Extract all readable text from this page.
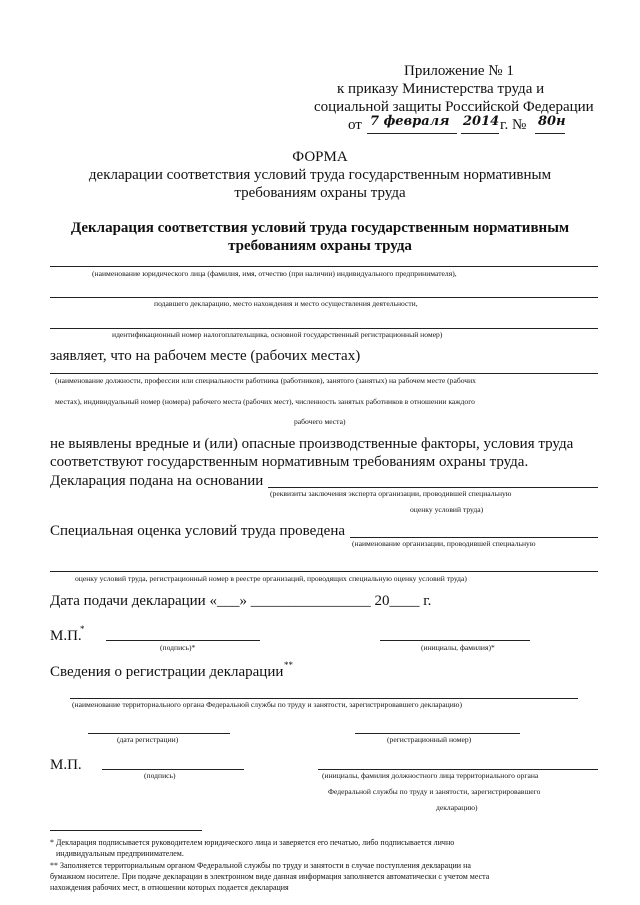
Приложение № 1
к приказу Министерства труда и
социальной защиты Российской Федерации
от 7 февраля 2014 г. № 80н
ФОРМА
декларации соответствия условий труда государственным нормативным
требованиям охраны труда
Декларация соответствия условий труда государственным нормативным
требованиям охраны труда
(наименование юридического лица (фамилия, имя, отчество (при наличии) индивидуального предпринимателя),
подавшего декларацию, место нахождения и место осуществления деятельности,
идентификационный номер налогоплательщика, основной государственный регистрационный номер)
заявляет, что на рабочем месте (рабочих местах)
(наименование должности, профессии или специальности работника (работников), занятого (занятых) на рабочем месте (рабочих
местах), индивидуальный номер (номера) рабочего места (рабочих мест), численность занятых работников в отношении каждого
рабочего места)
не выявлены вредные и (или) опасные производственные факторы, условия труда
соответствуют государственным нормативным требованиям охраны труда.
Декларация подана на основании
(реквизиты заключения эксперта организации, проводившей специальную
оценку условий труда)
Специальная оценка условий труда проведена
(наименование организации, проводившей специальную
оценку условий труда, регистрационный номер в реестре организаций, проводящих специальную оценку условий труда)
Дата подачи декларации «___» ________________ 20____ г.
М.П.
*
(подпись)*	(инициалы, фамилия)*
Сведения о регистрации декларации **
(наименование территориального органа Федеральной службы по труду и занятости, зарегистрировавшего декларацию)
(дата регистрации)	(регистрационный номер)
М.П.
(подпись)	(инициалы, фамилия должностного лица территориального органа
Федеральной службы по труду и занятости, зарегистрировавшего
декларацию)
* Декларация подписывается руководителем юридического лица и заверяется его печатью, либо подписывается лично
индивидуальным предпринимателем.
** Заполняется территориальным органом Федеральной службы по труду и занятости в случае поступления декларации на
бумажном носителе. При подаче декларации в электронном виде данная информация заполняется автоматически с учетом места
нахождения рабочих мест, в отношении которых подается декларация
